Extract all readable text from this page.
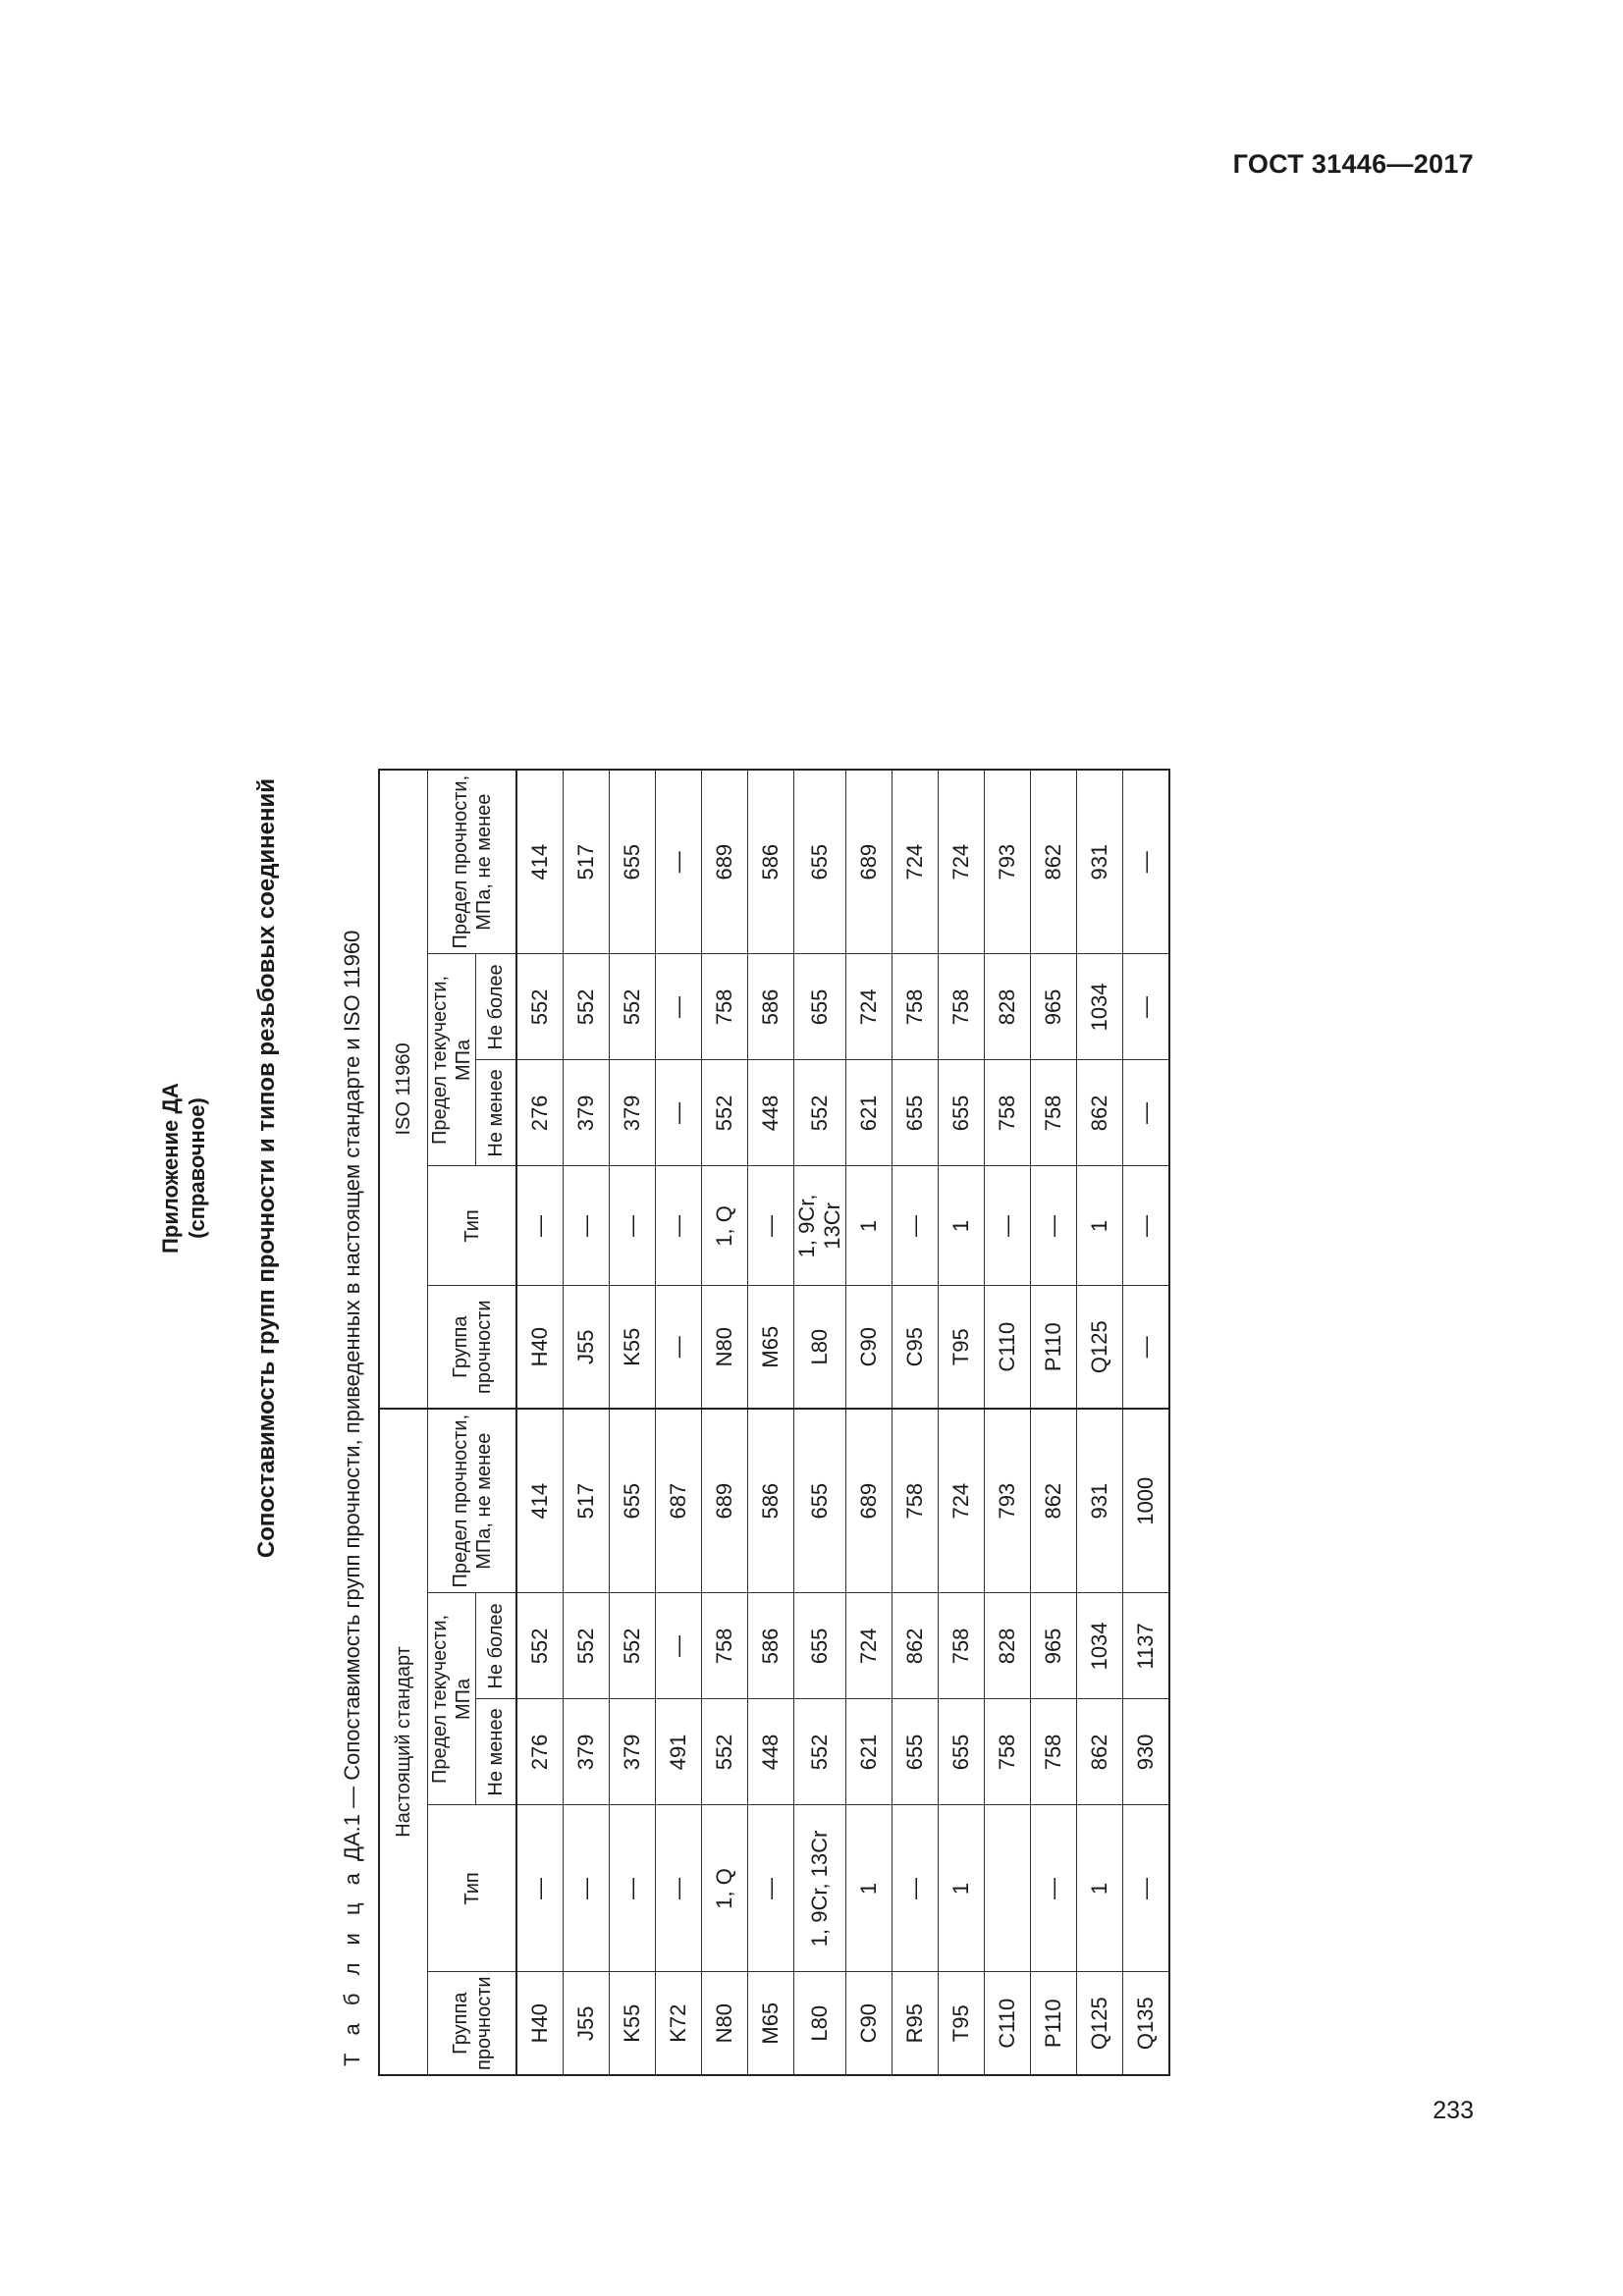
ГОСТ 31446—2017
Приложение ДА (справочное) Сопоставимость групп прочности и типов резьбовых соединений
Т а б л и ц а ДА.1 — Сопоставимость групп прочности, приведенных в настоящем стандарте и ISO 11960 Настоящий стандарт					ISO 11960				
Группа прочности	Тип	Предел текучести, МПа		Предел прочности, МПа, не менее	Группа прочности	Тип	Предел текучести, МПа		Предел прочности, МПа, не менее
		Не менее	Не более				Не менее	Не более	
H40	—	276	552	414	H40	—	276	552	414
J55	—	379	552	517	J55	—	379	552	517
K55	—	379	552	655	K55	—	379	552	655
K72	—	491	—	687	—	—	—	—	—
N80	1, Q	552	758	689	N80	1, Q	552	758	689
M65	—	448	586	586	M65	—	448	586	586
L80	1, 9Cr, 13Cr	552	655	655	L80	1, 9Cr, 13Cr	552	655	655
C90	1	621	724	689	C90	1	621	724	689
R95	—	655	862	758	C95	—	655	758	724
T95	1	655	758	724	T95	1	655	758	724
C110		758	828	793	C110	—	758	828	793
P110	—	758	965	862	P110	—	758	965	862
Q125	1	862	1034	931	Q125	1	862	1034	931
Q135	—	930	1137	1000	—	—	—	—	—
233
